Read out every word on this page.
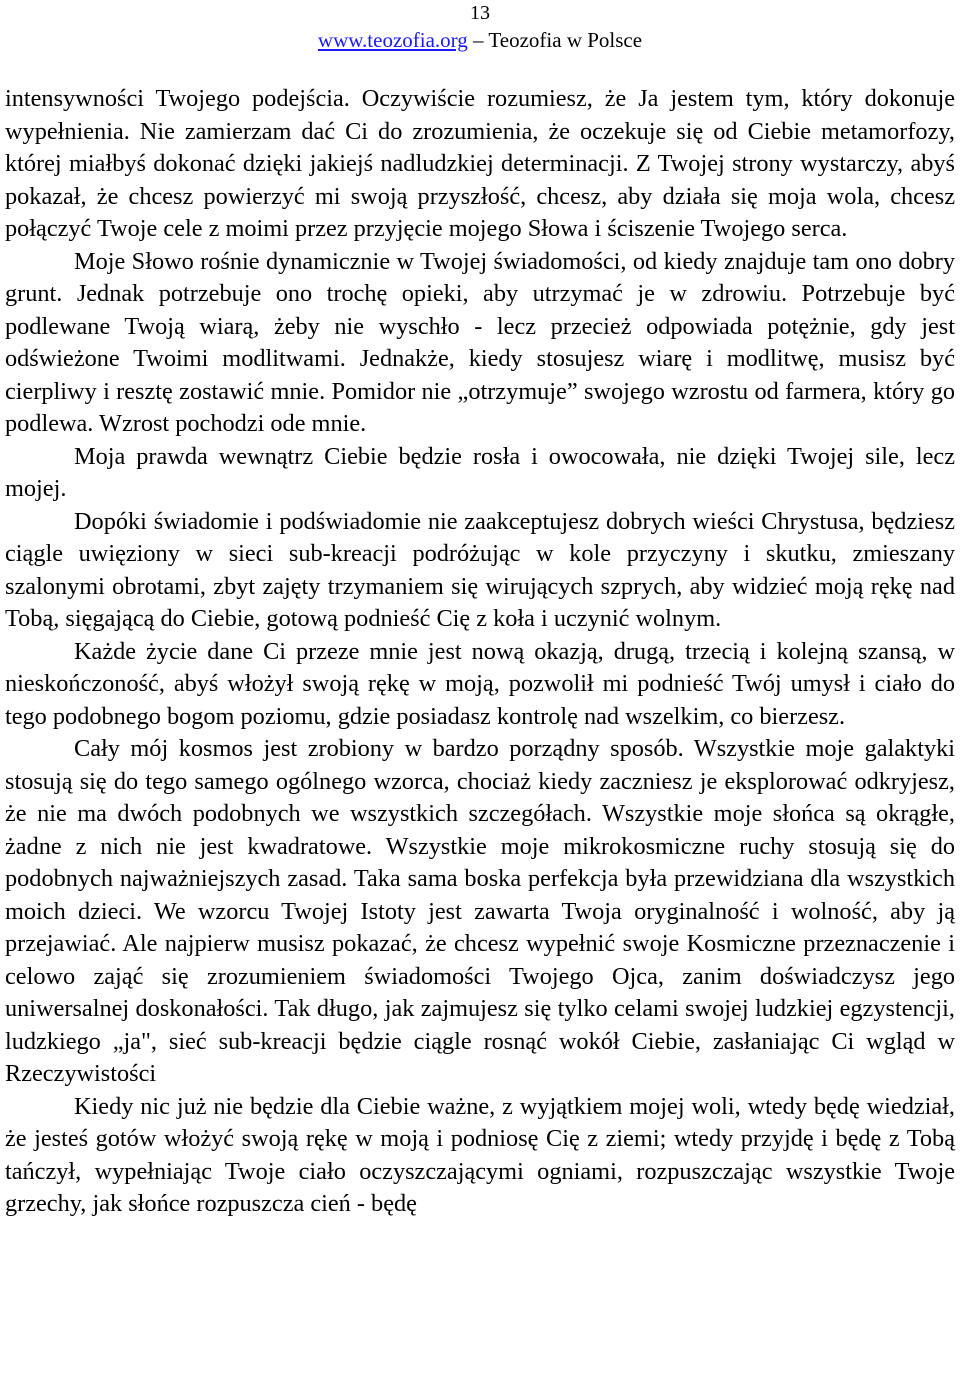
13
www.teozofia.org – Teozofia w Polsce

intensywności Twojego podejścia. Oczywiście rozumiesz, że Ja jestem tym, który dokonuje wypełnienia. Nie zamierzam dać Ci do zrozumienia, że oczekuje się od Ciebie metamorfozy, której miałbyś dokonać dzięki jakiejś nadludzkiej determinacji. Z Twojej strony wystarczy, abyś pokazał, że chcesz powierzyć mi swoją przyszłość, chcesz, aby działa się moja wola, chcesz połączyć Twoje cele z moimi przez przyjęcie mojego Słowa i ściszenie Twojego serca.

Moje Słowo rośnie dynamicznie w Twojej świadomości, od kiedy znajduje tam ono dobry grunt. Jednak potrzebuje ono trochę opieki, aby utrzymać je w zdrowiu. Potrzebuje być podlewane Twoją wiarą, żeby nie wyschło - lecz przecież odpowiada potężnie, gdy jest odświeżone Twoimi modlitwami. Jednakże, kiedy stosujesz wiarę i modlitwę, musisz być cierpliwy i resztę zostawić mnie. Pomidor nie „otrzymuje” swojego wzrostu od farmera, który go podlewa. Wzrost pochodzi ode mnie.

Moja prawda wewnątrz Ciebie będzie rosła i owocowała, nie dzięki Twojej sile, lecz mojej.

Dopóki świadomie i podświadomie nie zaakceptujesz dobrych wieści Chrystusa, będziesz ciągle uwięziony w sieci sub-kreacji podróżując w kole przyczyny i skutku, zmieszany szalonymi obrotami, zbyt zajęty trzymaniem się wirujących szprych, aby widzieć moją rękę nad Tobą, sięgającą do Ciebie, gotową podnieść Cię z koła i uczynić wolnym.

Każde życie dane Ci przeze mnie jest nową okazją, drugą, trzecią i kolejną szansą, w nieskończoność, abyś włożył swoją rękę w moją, pozwolił mi podnieść Twój umysł i ciało do tego podobnego bogom poziomu, gdzie posiadasz kontrolę nad wszelkim, co bierzesz.

Cały mój kosmos jest zrobiony w bardzo porządny sposób. Wszystkie moje galaktyki stosują się do tego samego ogólnego wzorca, chociaż kiedy zaczniesz je eksplorować odkryjesz, że nie ma dwóch podobnych we wszystkich szczegółach. Wszystkie moje słońca są okrągłe, żadne z nich nie jest kwadratowe. Wszystkie moje mikrokosmiczne ruchy stosują się do podobnych najważniejszych zasad. Taka sama boska perfekcja była przewidziana dla wszystkich moich dzieci. We wzorcu Twojej Istoty jest zawarta Twoja oryginalność i wolność, aby ją przejawiać. Ale najpierw musisz pokazać, że chcesz wypełnić swoje Kosmiczne przeznaczenie i celowo zająć się zrozumieniem świadomości Twojego Ojca, zanim doświadczysz jego uniwersalnej doskonałości. Tak długo, jak zajmujesz się tylko celami swojej ludzkiej egzystencji, ludzkiego „ja", sieć sub-kreacji będzie ciągle rosnąć wokół Ciebie, zasłaniając Ci wgląd w Rzeczywistości

Kiedy nic już nie będzie dla Ciebie ważne, z wyjątkiem mojej woli, wtedy będę wiedział, że jesteś gotów włożyć swoją rękę w moją i podniosę Cię z ziemi; wtedy przyjdę i będę z Tobą tańczył, wypełniając Twoje ciało oczyszczającymi ogniami, rozpuszczając wszystkie Twoje grzechy, jak słońce rozpuszcza cień - będę
